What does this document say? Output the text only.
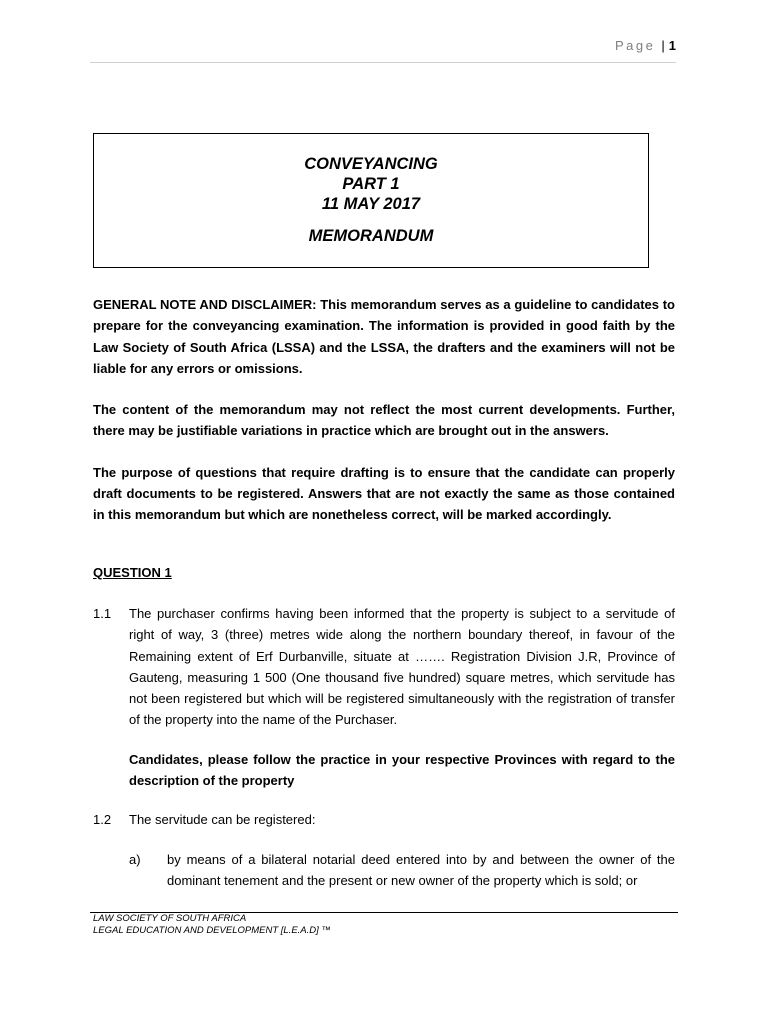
Page | 1
CONVEYANCING
PART 1
11 MAY 2017
MEMORANDUM

GENERAL NOTE AND DISCLAIMER: This memorandum serves as a guideline to candidates to prepare for the conveyancing examination. The information is provided in good faith by the Law Society of South Africa (LSSA) and the LSSA, the drafters and the examiners will not be liable for any errors or omissions.

The content of the memorandum may not reflect the most current developments. Further, there may be justifiable variations in practice which are brought out in the answers.

The purpose of questions that require drafting is to ensure that the candidate can properly draft documents to be registered. Answers that are not exactly the same as those contained in this memorandum but which are nonetheless correct, will be marked accordingly.

QUESTION 1
1.1 The purchaser confirms having been informed that the property is subject to a servitude of right of way, 3 (three) metres wide along the northern boundary thereof, in favour of the Remaining extent of Erf Durbanville, situate at ……. Registration Division J.R, Province of Gauteng, measuring 1 500 (One thousand five hundred) square metres, which servitude has not been registered but which will be registered simultaneously with the registration of transfer of the property into the name of the Purchaser.
Candidates, please follow the practice in your respective Provinces with regard to the description of the property
1.2 The servitude can be registered:
a) by means of a bilateral notarial deed entered into by and between the owner of the dominant tenement and the present or new owner of the property which is sold; or
LAW SOCIETY OF SOUTH AFRICA
LEGAL EDUCATION AND DEVELOPMENT [L.E.A.D] ™
